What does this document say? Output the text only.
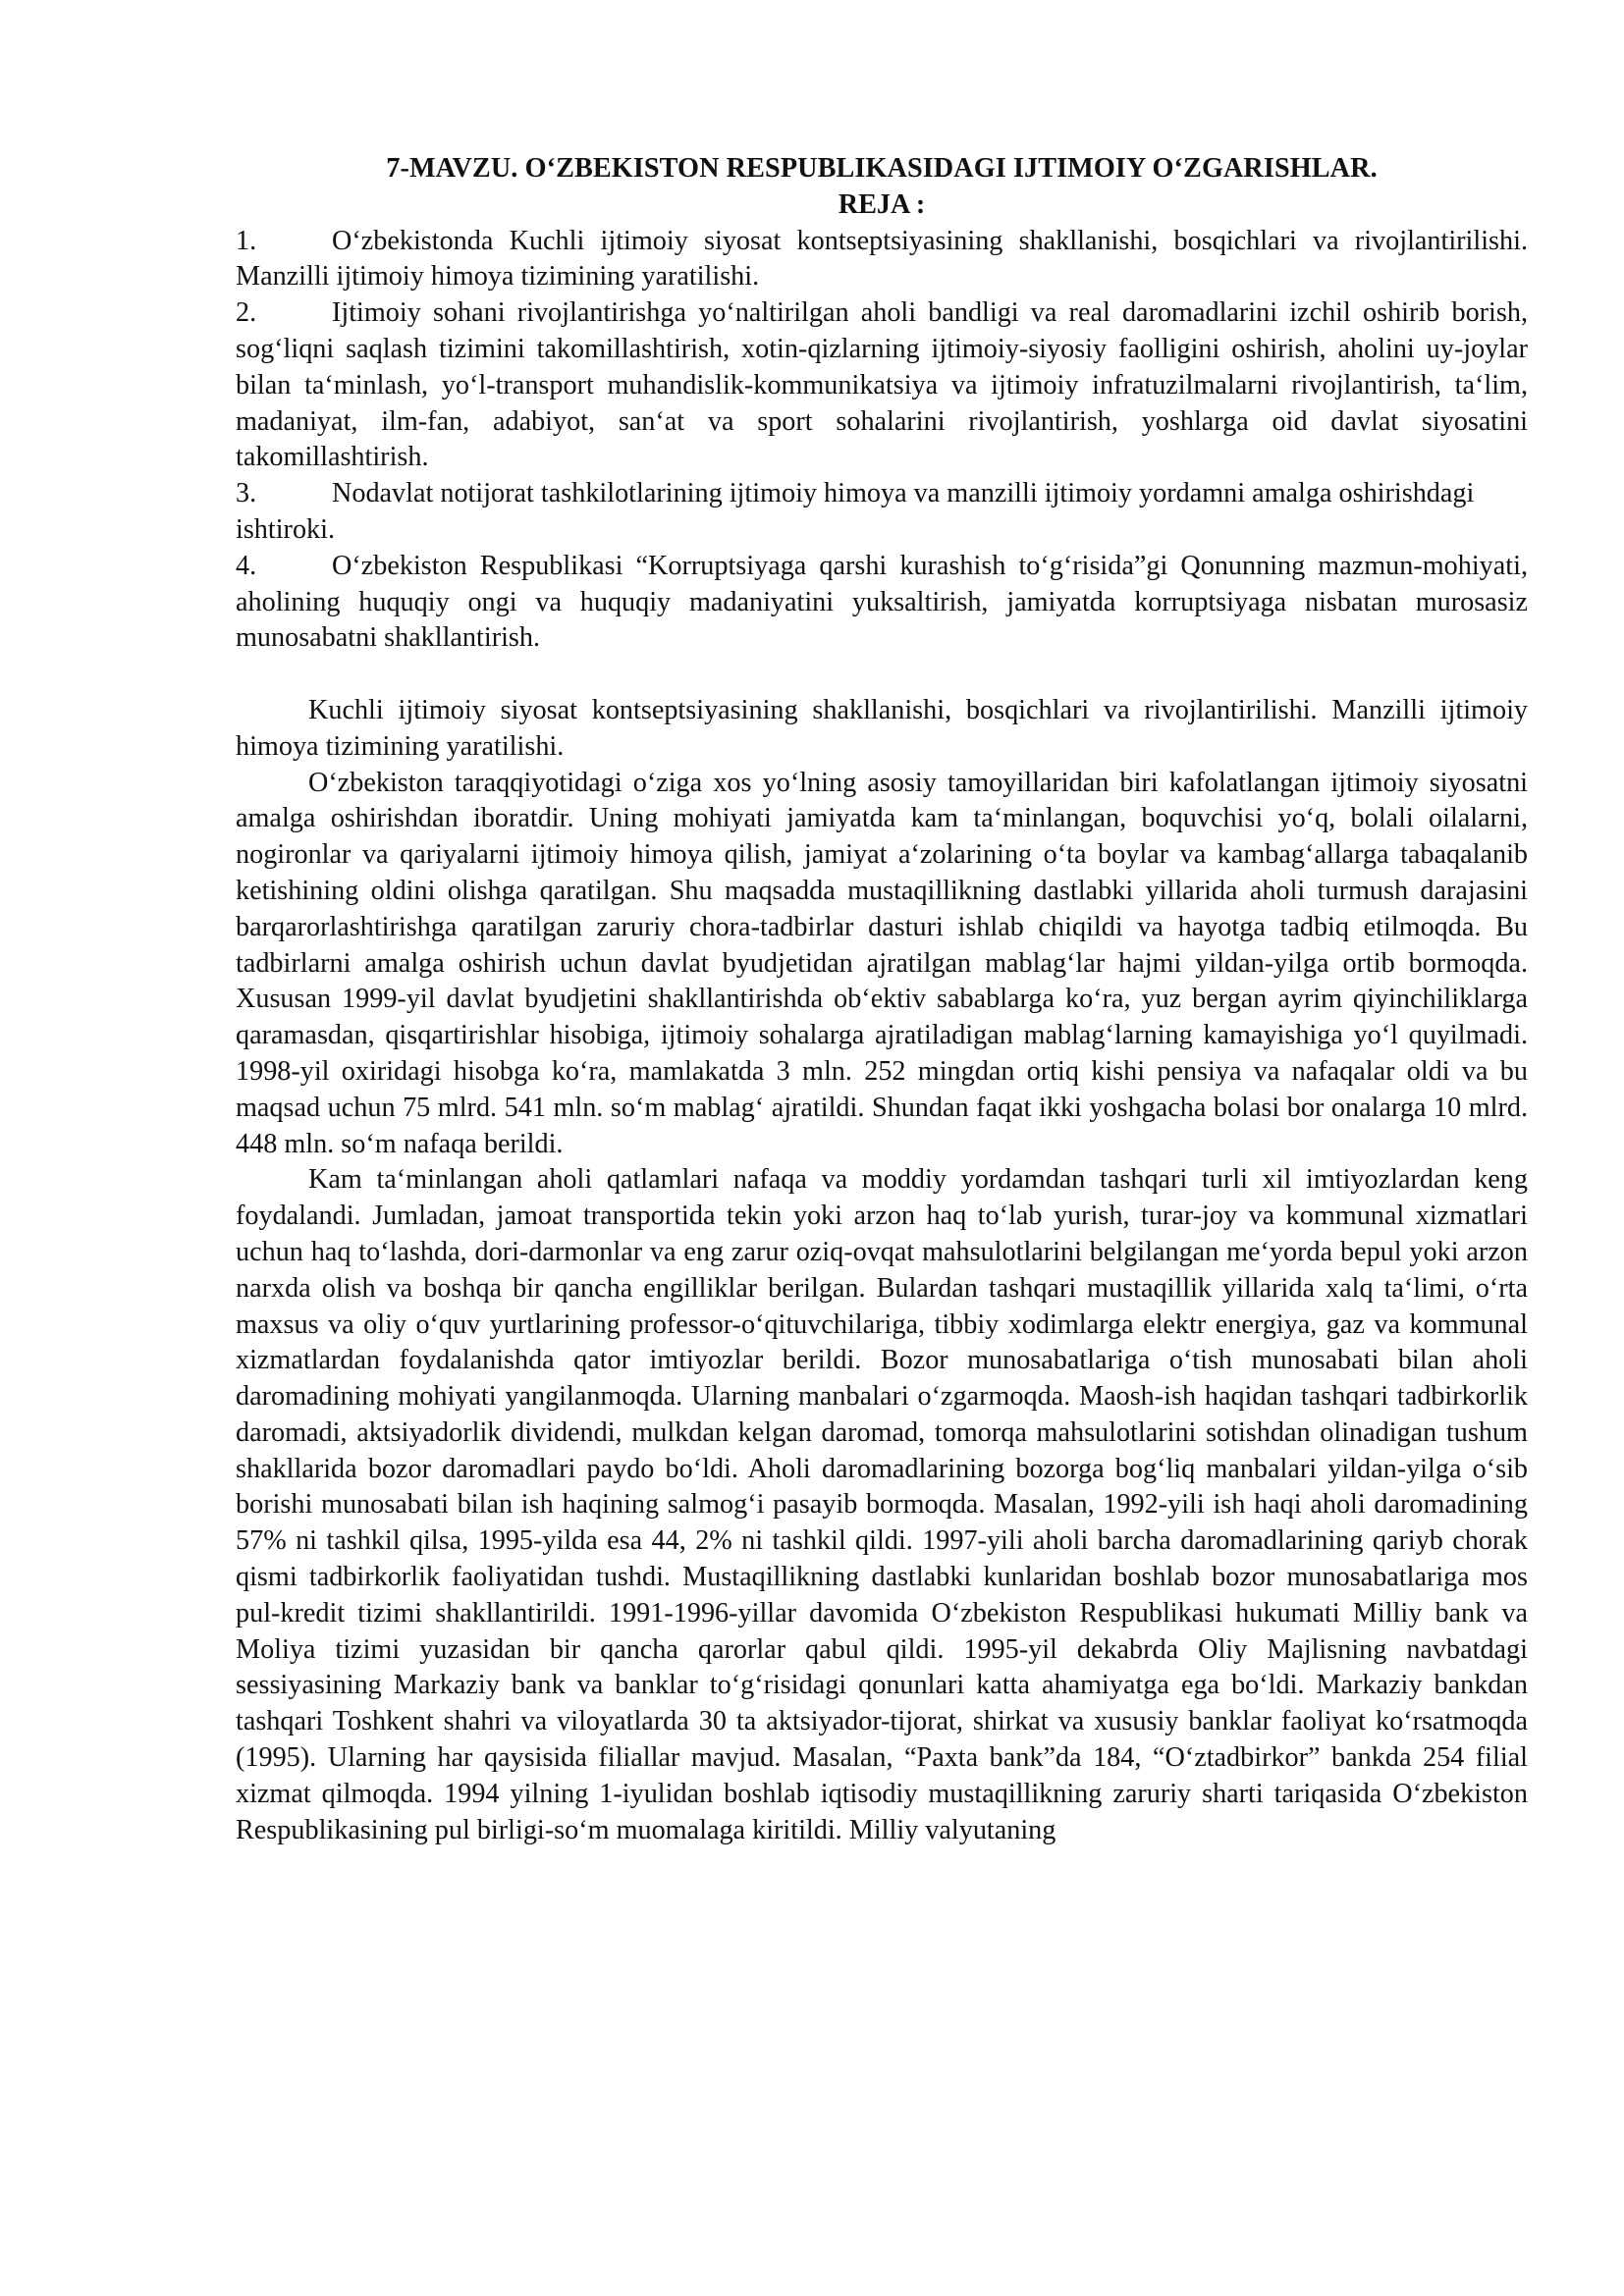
7-MAVZU. O‘ZBEKISTON RESPUBLIKASIDAGI IJTIMOIY O‘ZGARISHLAR.
REJA :
1.	O‘zbekistonda Kuchli ijtimoiy siyosat kontseptsiyasining shakllanishi, bosqichlari va rivojlantirilishi. Manzilli ijtimoiy himoya tizimining yaratilishi.
2.	Ijtimoiy sohani rivojlantirishga yo‘naltirilgan aholi bandligi va real daromadlarini izchil oshirib borish, sog‘liqni saqlash tizimini takomillashtirish, xotin-qizlarning ijtimoiy-siyosiy faolligini oshirish, aholini uy-joylar bilan ta‘minlash, yo‘l-transport muhandislik-kommunikatsiya va ijtimoiy infratuzilmalarni rivojlantirish, ta‘lim, madaniyat, ilm-fan, adabiyot, san‘at va sport sohalarini rivojlantirish, yoshlarga oid davlat siyosatini takomillashtirish.
3.	Nodavlat notijorat tashkilotlarining ijtimoiy himoya va manzilli ijtimoiy yordamni amalga oshirishdagi ishtiroki.
4.	O‘zbekiston Respublikasi “Korruptsiyaga qarshi kurashish to‘g‘risida”gi Qonunning mazmun-mohiyati, aholining huquqiy ongi va huquqiy madaniyatini yuksaltirish, jamiyatda korruptsiyaga nisbatan murosasiz munosabatni shakllantirish.

Kuchli ijtimoiy siyosat kontseptsiyasining shakllanishi, bosqichlari va rivojlantirilishi. Manzilli ijtimoiy himoya tizimining yaratilishi.

O‘zbekiston taraqqiyotidagi o‘ziga xos yo‘lning asosiy tamoyillaridan biri kafolatlangan ijtimoiy siyosatni amalga oshirishdan iboratdir. Uning mohiyati jamiyatda kam ta‘minlangan, boquvchisi yo‘q, bolali oilalarni, nogironlar va qariyalarni ijtimoiy himoya qilish, jamiyat a‘zolarining o‘ta boylar va kambag‘allarga tabaqalanib ketishining oldini olishga qaratilgan. Shu maqsadda mustaqillikning dastlabki yillarida aholi turmush darajasini barqarorlashtirishga qaratilgan zaruriy chora-tadbirlar dasturi ishlab chiqildi va hayotga tadbiq etilmoqda. Bu tadbirlarni amalga oshirish uchun davlat byudjetidan ajratilgan mablag‘lar hajmi yildan-yilga ortib bormoqda. Xususan 1999-yil davlat byudjetini shakllantirishda ob‘ektiv sabablarga ko‘ra, yuz bergan ayrim qiyinchiliklarga qaramasdan, qisqartirishlar hisobiga, ijtimoiy sohalarga ajratiladigan mablag‘larning kamayishiga yo‘l quyilmadi. 1998-yil oxiridagi hisobga ko‘ra, mamlakatda 3 mln. 252 mingdan ortiq kishi pensiya va nafaqalar oldi va bu maqsad uchun 75 mlrd. 541 mln. so‘m mablag‘ ajratildi. Shundan faqat ikki yoshgacha bolasi bor onalarga 10 mlrd. 448 mln. so‘m nafaqa berildi.

Kam ta‘minlangan aholi qatlamlari nafaqa va moddiy yordamdan tashqari turli xil imtiyozlardan keng foydalandi. Jumladan, jamoat transportida tekin yoki arzon haq to‘lab yurish, turar-joy va kommunal xizmatlari uchun haq to‘lashda, dori-darmonlar va eng zarur oziq-ovqat mahsulotlarini belgilangan me‘yorda bepul yoki arzon narxda olish va boshqa bir qancha engilliklar berilgan. Bulardan tashqari mustaqillik yillarida xalq ta‘limi, o‘rta maxsus va oliy o‘quv yurtlarining professor-o‘qituvchilariga, tibbiy xodimlarga elektr energiya, gaz va kommunal xizmatlardan foydalanishda qator imtiyozlar berildi. Bozor munosabatlariga o‘tish munosabati bilan aholi daromadining mohiyati yangilanmoqda. Ularning manbalari o‘zgarmoqda. Maosh-ish haqidan tashqari tadbirkorlik daromadi, aktsiyadorlik dividendi, mulkdan kelgan daromad, tomorqa mahsulotlarini sotishdan olinadigan tushum shakllarida bozor daromadlari paydo bo‘ldi. Aholi daromadlarining bozorga bog‘liq manbalari yildan-yilga o‘sib borishi munosabati bilan ish haqining salmog‘i pasayib bormoqda. Masalan, 1992-yili ish haqi aholi daromadining 57% ni tashkil qilsa, 1995-yilda esa 44, 2% ni tashkil qildi. 1997-yili aholi barcha daromadlarining qariyb chorak qismi tadbirkorlik faoliyatidan tushdi. Mustaqillikning dastlabki kunlaridan boshlab bozor munosabatlariga mos pul-kredit tizimi shakllantirildi. 1991-1996-yillar davomida O‘zbekiston Respublikasi hukumati Milliy bank va Moliya tizimi yuzasidan bir qancha qarorlar qabul qildi. 1995-yil dekabrda Oliy Majlisning navbatdagi sessiyasining Markaziy bank va banklar to‘g‘risidagi qonunlari katta ahamiyatga ega bo‘ldi. Markaziy bankdan tashqari Toshkent shahri va viloyatlarda 30 ta aktsiyador-tijorat, shirkat va xususiy banklar faoliyat ko‘rsatmoqda (1995). Ularning har qaysisida filiallar mavjud. Masalan, “Paxta bank”da 184, “O‘ztadbirkor” bankda 254 filial xizmat qilmoqda. 1994 yilning 1-iyulidan boshlab iqtisodiy mustaqillikning zaruriy sharti tariqasida O‘zbekiston Respublikasining pul birligi-so‘m muomalaga kiritildi. Milliy valyutaning
